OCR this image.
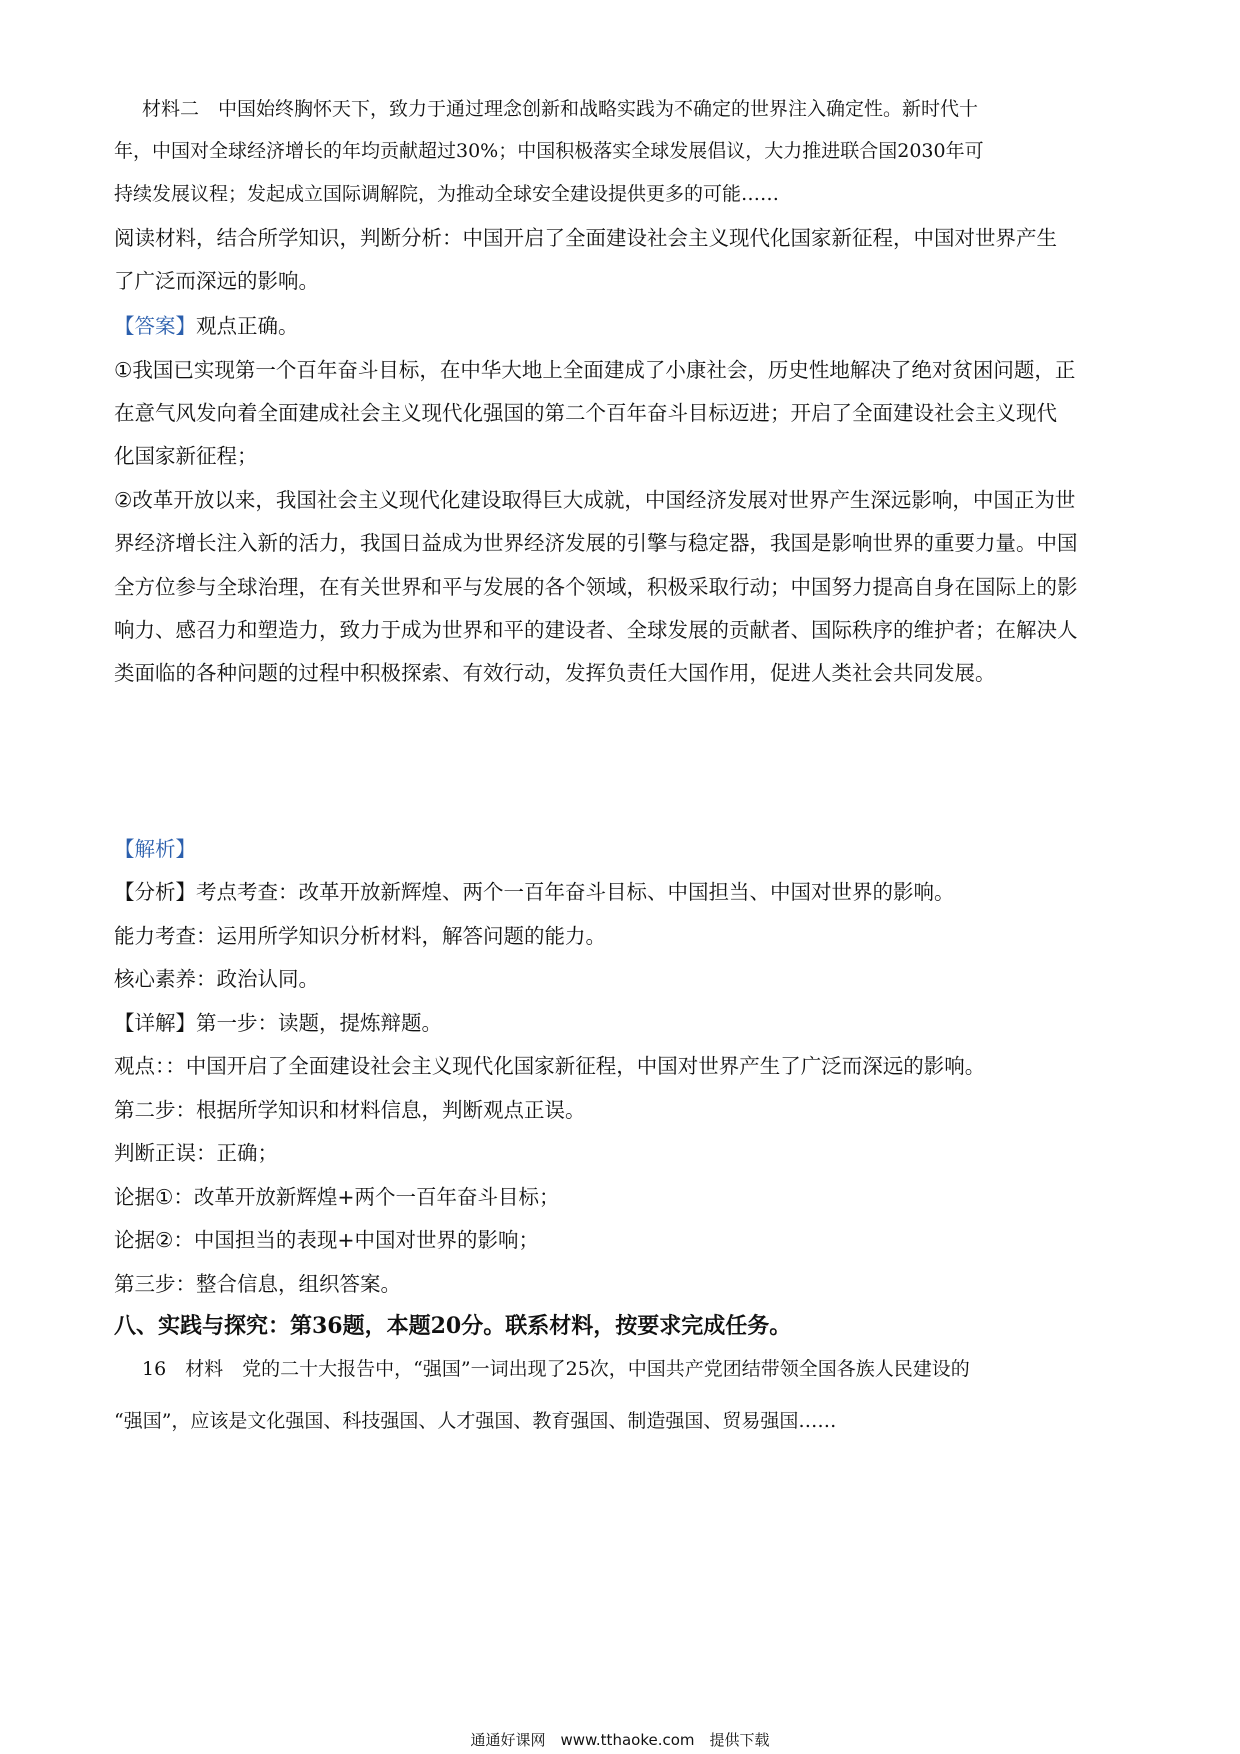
材料二　中国始终胸怀天下，致力于通过理念创新和战略实践为不确定的世界注入确定性。新时代十
年，中国对全球经济增长的年均贡献超过30%；中国积极落实全球发展倡议，大力推进联合国2030年可
持续发展议程；发起成立国际调解院，为推动全球安全建设提供更多的可能……
阅读材料，结合所学知识，判断分析：中国开启了全面建设社会主义现代化国家新征程，中国对世界产生
了广泛而深远的影响。
【答案】观点正确。
①我国已实现第一个百年奋斗目标，在中华大地上全面建成了小康社会，历史性地解决了绝对贫困问题，正
在意气风发向着全面建成社会主义现代化强国的第二个百年奋斗目标迈进；开启了全面建设社会主义现代
化国家新征程；
②改革开放以来，我国社会主义现代化建设取得巨大成就，中国经济发展对世界产生深远影响，中国正为世
界经济增长注入新的活力，我国日益成为世界经济发展的引擎与稳定器，我国是影响世界的重要力量。中国
全方位参与全球治理，在有关世界和平与发展的各个领域，积极采取行动；中国努力提高自身在国际上的影
响力、感召力和塑造力，致力于成为世界和平的建设者、全球发展的贡献者、国际秩序的维护者；在解决人
类面临的各种问题的过程中积极探索、有效行动，发挥负责任大国作用，促进人类社会共同发展。
【解析】
【分析】考点考查：改革开放新辉煌、两个一百年奋斗目标、中国担当、中国对世界的影响。
能力考查：运用所学知识分析材料，解答问题的能力。
核心素养：政治认同。
【详解】第一步：读题，提炼辩题。
观点：：中国开启了全面建设社会主义现代化国家新征程，中国对世界产生了广泛而深远的影响。
第二步：根据所学知识和材料信息，判断观点正误。
判断正误：正确；
论据①：改革开放新辉煌+两个一百年奋斗目标；
论据②：中国担当的表现+中国对世界的影响；
第三步：整合信息，组织答案。
八、实践与探究：第36题，本题20分。联系材料，按要求完成任务。
16　材料　党的二十大报告中，“强国”一词出现了25次，中国共产党团结带领全国各族人民建设的
“强国”，应该是文化强国、科技强国、人才强国、教育强国、制造强国、贸易强国……
通通好课网　www.tthaoke.com　提供下载
